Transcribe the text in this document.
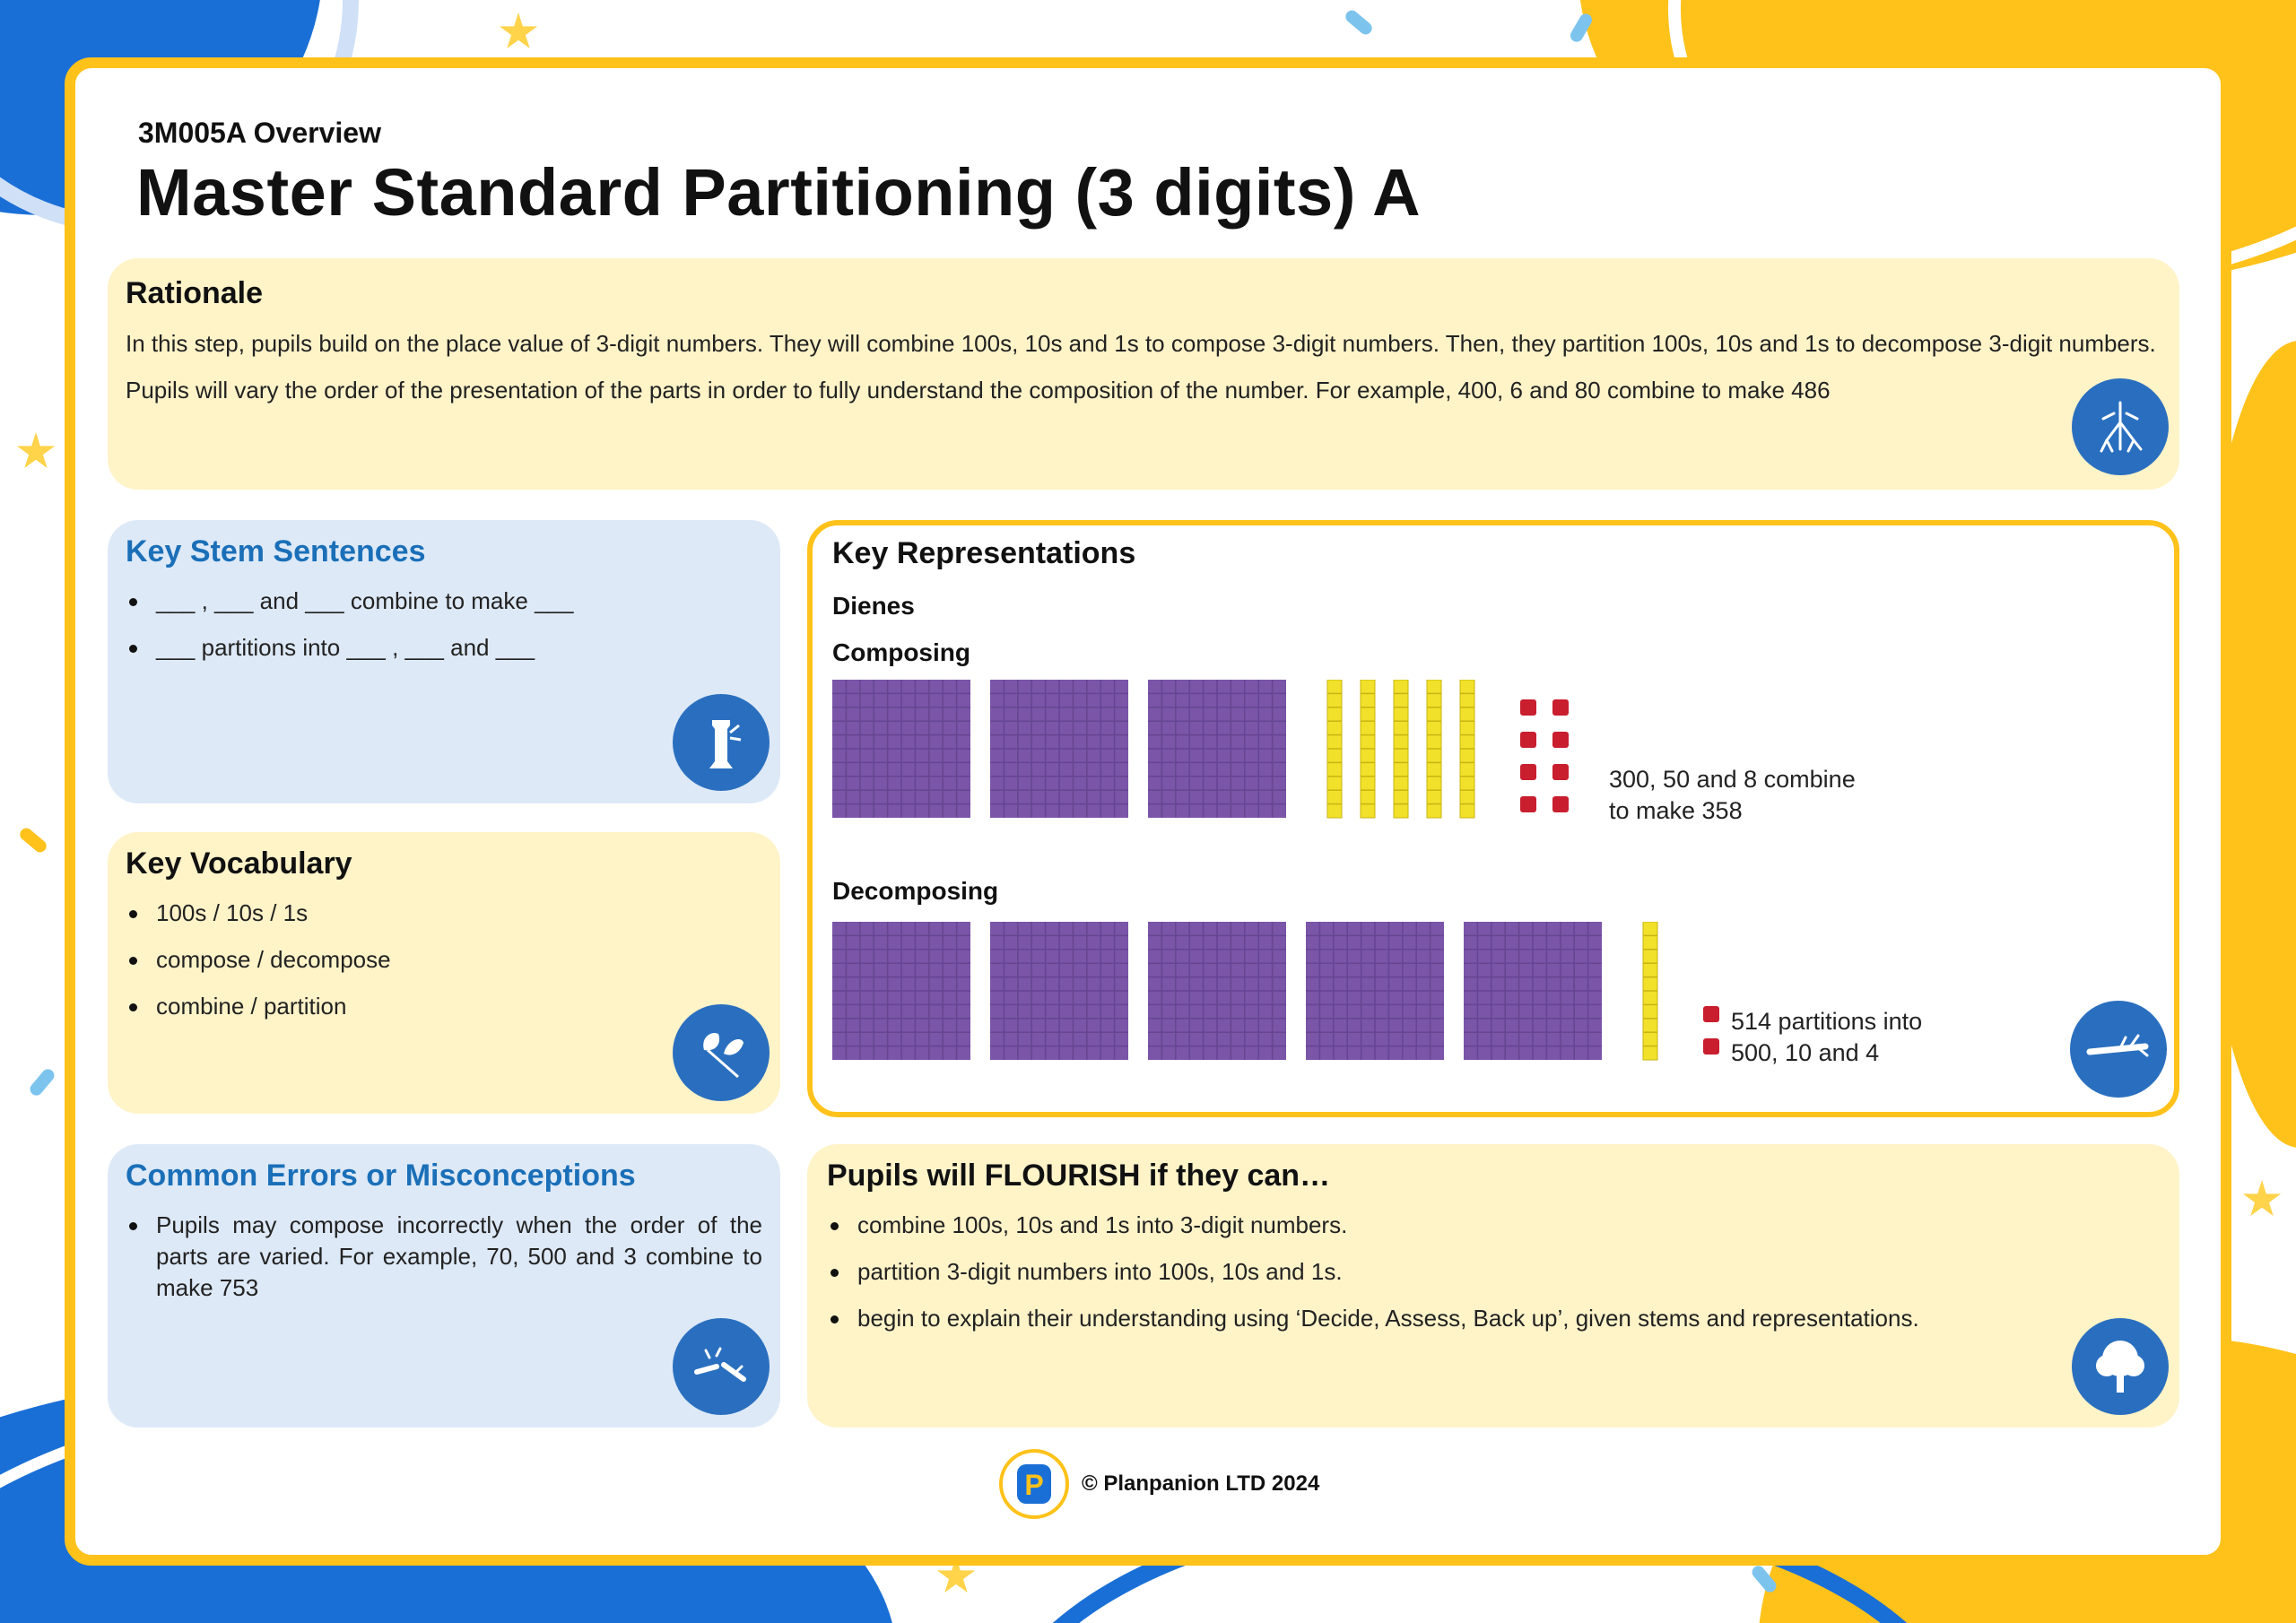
3M005A Overview
Master Standard Partitioning (3 digits) A
Rationale

In this step, pupils build on the place value of 3-digit numbers. They will combine 100s, 10s and 1s to compose 3-digit numbers. Then, they partition 100s, 10s and 1s to decompose 3-digit numbers.

Pupils will vary the order of the presentation of the parts in order to fully understand the composition of the number. For example, 400, 6 and 80 combine to make 486

Key Stem Sentences
___ , ___ and ___ combine to make ___
___ partitions into ___ , ___ and ___
Key Vocabulary
100s / 10s / 1s
compose / decompose
combine / partition
Common Errors or Misconceptions
Pupils may compose incorrectly when the order of the parts are varied. For example, 70, 500 and 3 combine to make 753
Key Representations
Dienes
Composing
300, 50 and 8 combine
to make 358
Decomposing
514 partitions into
500, 10 and 4
Pupils will FLOURISH if they can…
combine 100s, 10s and 1s into 3-digit numbers.
partition 3-digit numbers into 100s, 10s and 1s.
begin to explain their understanding using ‘Decide, Assess, Back up’, given stems and representations.
P © Planpanion LTD 2024
